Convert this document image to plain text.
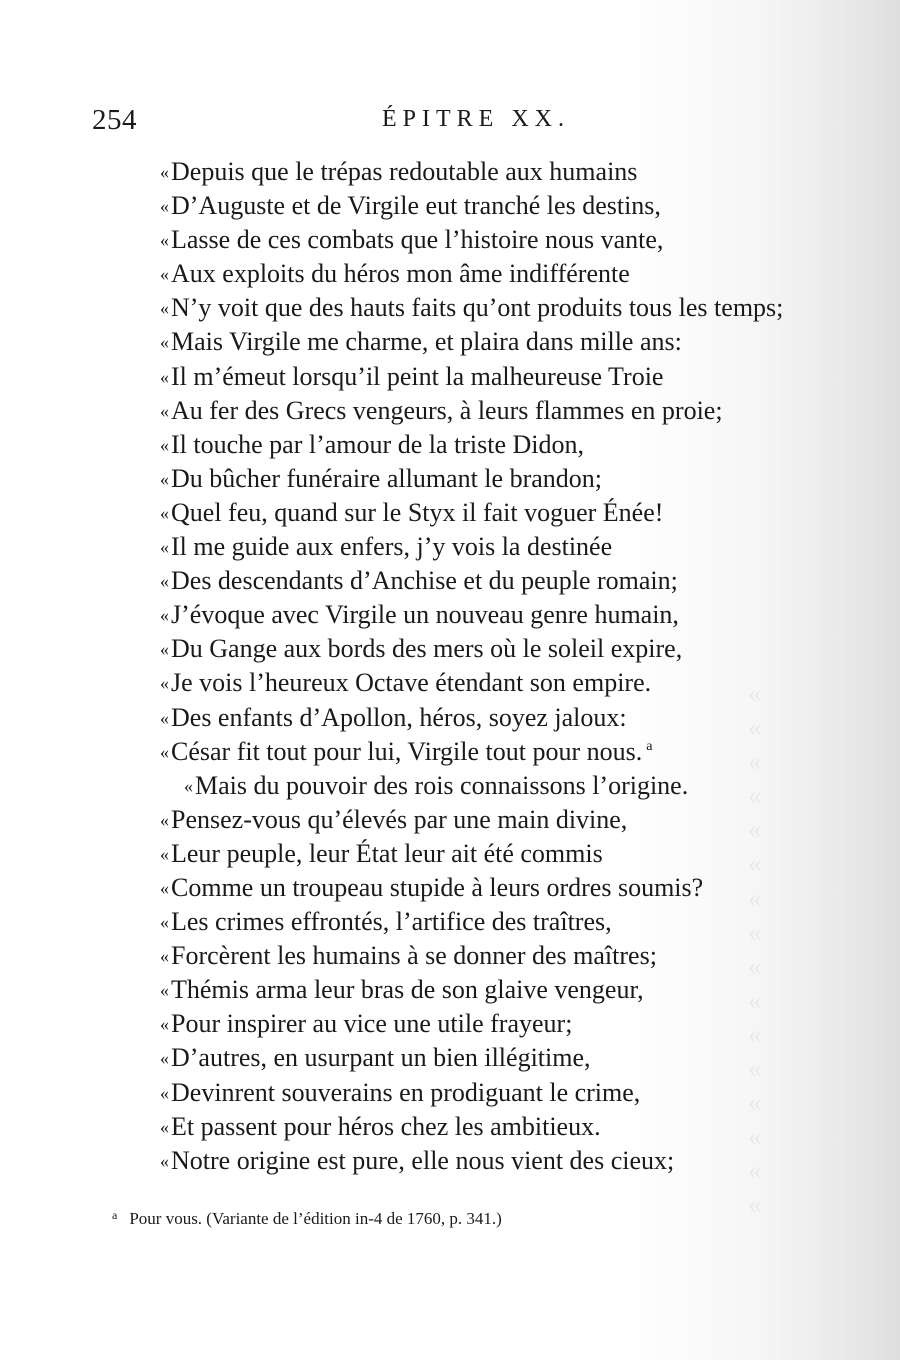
«
«
«
«
«
«
«
«
«
«
«
«
«
«
«
«
254	ÉPITRE XX.
«Depuis que le trépas redoutable aux humains
«D’Auguste et de Virgile eut tranché les destins,
«Lasse de ces combats que l’histoire nous vante,
«Aux exploits du héros mon âme indifférente
«N’y voit que des hauts faits qu’ont produits tous les temps;
«Mais Virgile me charme, et plaira dans mille ans:
«Il m’émeut lorsqu’il peint la malheureuse Troie
«Au fer des Grecs vengeurs, à leurs flammes en proie;
«Il touche par l’amour de la triste Didon,
«Du bûcher funéraire allumant le brandon;
«Quel feu, quand sur le Styx il fait voguer Énée!
«Il me guide aux enfers, j’y vois la destinée
«Des descendants d’Anchise et du peuple romain;
«J’évoque avec Virgile un nouveau genre humain,
«Du Gange aux bords des mers où le soleil expire,
«Je vois l’heureux Octave étendant son empire.
«Des enfants d’Apollon, héros, soyez jaloux:
«César fit tout pour lui, Virgile tout pour nous. a

«Mais du pouvoir des rois connaissons l’origine.
«Pensez-vous qu’élevés par une main divine,
«Leur peuple, leur État leur ait été commis
«Comme un troupeau stupide à leurs ordres soumis?
«Les crimes effrontés, l’artifice des traîtres,
«Forcèrent les humains à se donner des maîtres;
«Thémis arma leur bras de son glaive vengeur,
«Pour inspirer au vice une utile frayeur;
«D’autres, en usurpant un bien illégitime,
«Devinrent souverains en prodiguant le crime,
«Et passent pour héros chez les ambitieux.
«Notre origine est pure, elle nous vient des cieux;
$^a$ Pour vous. (Variante de l’édition in-4 de 1760, p. 341.)
